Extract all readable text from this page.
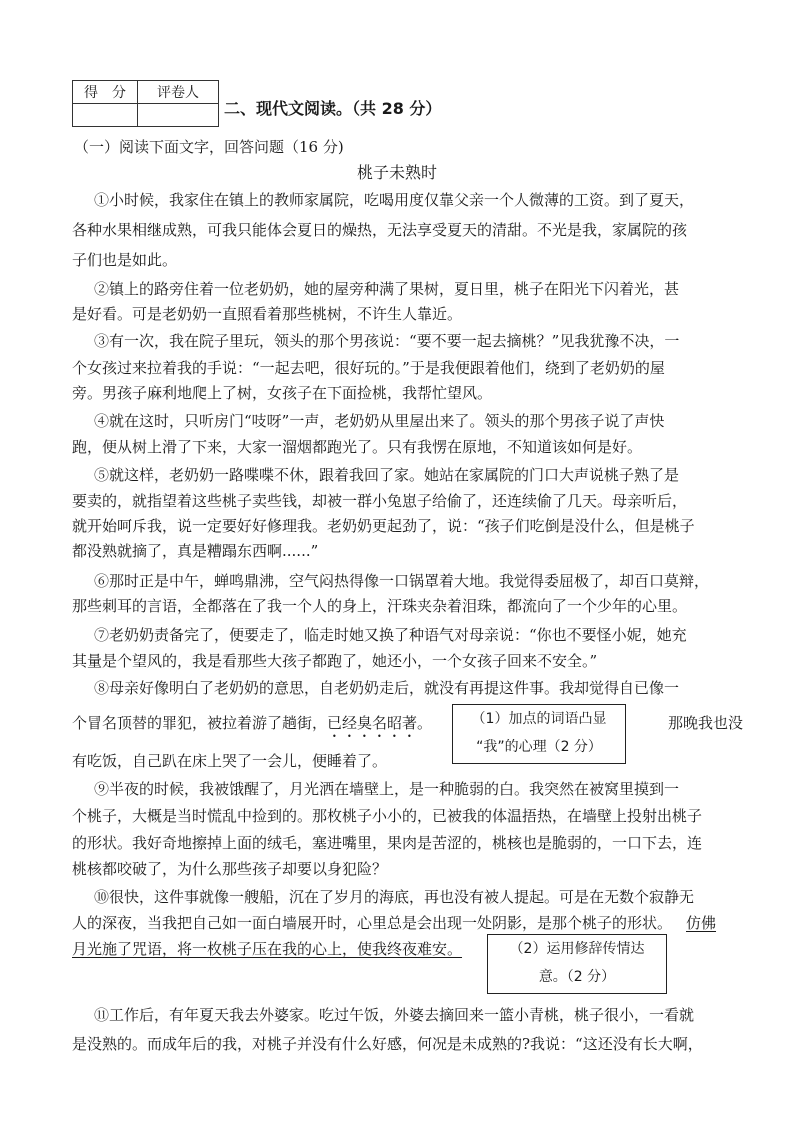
得　分	评卷人

二、现代文阅读。（共 28 分）
（一）阅读下面文字，回答问题（16 分)
桃子未熟时
①小时候，我家住在镇上的教师家属院，吃喝用度仅靠父亲一个人微薄的工资。到了夏天，
各种水果相继成熟，可我只能体会夏日的燥热，无法享受夏天的清甜。不光是我，家属院的孩
子们也是如此。
②镇上的路旁住着一位老奶奶，她的屋旁种满了果树，夏日里，桃子在阳光下闪着光，甚
是好看。可是老奶奶一直照看着那些桃树，不许生人靠近。
③有一次，我在院子里玩，领头的那个男孩说：“要不要一起去摘桃？”见我犹豫不决，一
个女孩过来拉着我的手说：“一起去吧，很好玩的。”于是我便跟着他们，绕到了老奶奶的屋
旁。男孩子麻利地爬上了树，女孩子在下面捡桃，我帮忙望风。
④就在这时，只听房门“吱呀”一声，老奶奶从里屋出来了。领头的那个男孩子说了声快
跑，便从树上滑了下来，大家一溜烟都跑光了。只有我愣在原地，不知道该如何是好。
⑤就这样，老奶奶一路喋喋不休，跟着我回了家。她站在家属院的门口大声说桃子熟了是
要卖的，就指望着这些桃子卖些钱，却被一群小兔崽子给偷了，还连续偷了几天。母亲听后，
就开始呵斥我，说一定要好好修理我。老奶奶更起劲了，说：“孩子们吃倒是没什么，但是桃子
都没熟就摘了，真是糟蹋东西啊......”
⑥那时正是中午，蝉鸣鼎沸，空气闷热得像一口锅罩着大地。我觉得委屈极了，却百口莫辩，
那些刺耳的言语，全都落在了我一个人的身上，汗珠夹杂着泪珠，都流向了一个少年的心里。
⑦老奶奶责备完了，便要走了，临走时她又换了种语气对母亲说：“你也不要怪小妮，她充
其量是个望风的，我是看那些大孩子都跑了，她还小，一个女孩子回来不安全。”
⑧母亲好像明白了老奶奶的意思，自老奶奶走后，就没有再提这件事。我却觉得自已像一
个冒名顶替的罪犯，被拉着游了趟街，已经臭名昭著。	那晚我也没
（1）加点的词语凸显
“我”的心理（2 分）
有吃饭，自己趴在床上哭了一会儿，便睡着了。
⑨半夜的时候，我被饿醒了，月光洒在墙壁上，是一种脆弱的白。我突然在被窝里摸到一
个桃子，大概是当时慌乱中捡到的。那枚桃子小小的，已被我的体温捂热，在墙壁上投射出桃子
的形状。我好奇地擦掉上面的绒毛，塞进嘴里，果肉是苦涩的，桃核也是脆弱的，一口下去，连
桃核都咬破了，为什么那些孩子却要以身犯险？
⑩很快，这件事就像一艘船，沉在了岁月的海底，再也没有被人提起。可是在无数个寂静无
人的深夜，当我把自己如一面白墙展开时，心里总是会出现一处阴影，是那个桃子的形状。 仿佛
月光施了咒语，将一枚桃子压在我的心上，使我终夜难安。	（2）运用修辞传情达
意。（2 分）
⑪工作后，有年夏天我去外婆家。吃过午饭，外婆去摘回来一篮小青桃，桃子很小，一看就
是没熟的。而成年后的我，对桃子并没有什么好感，何况是未成熟的?我说：“这还没有长大啊，
